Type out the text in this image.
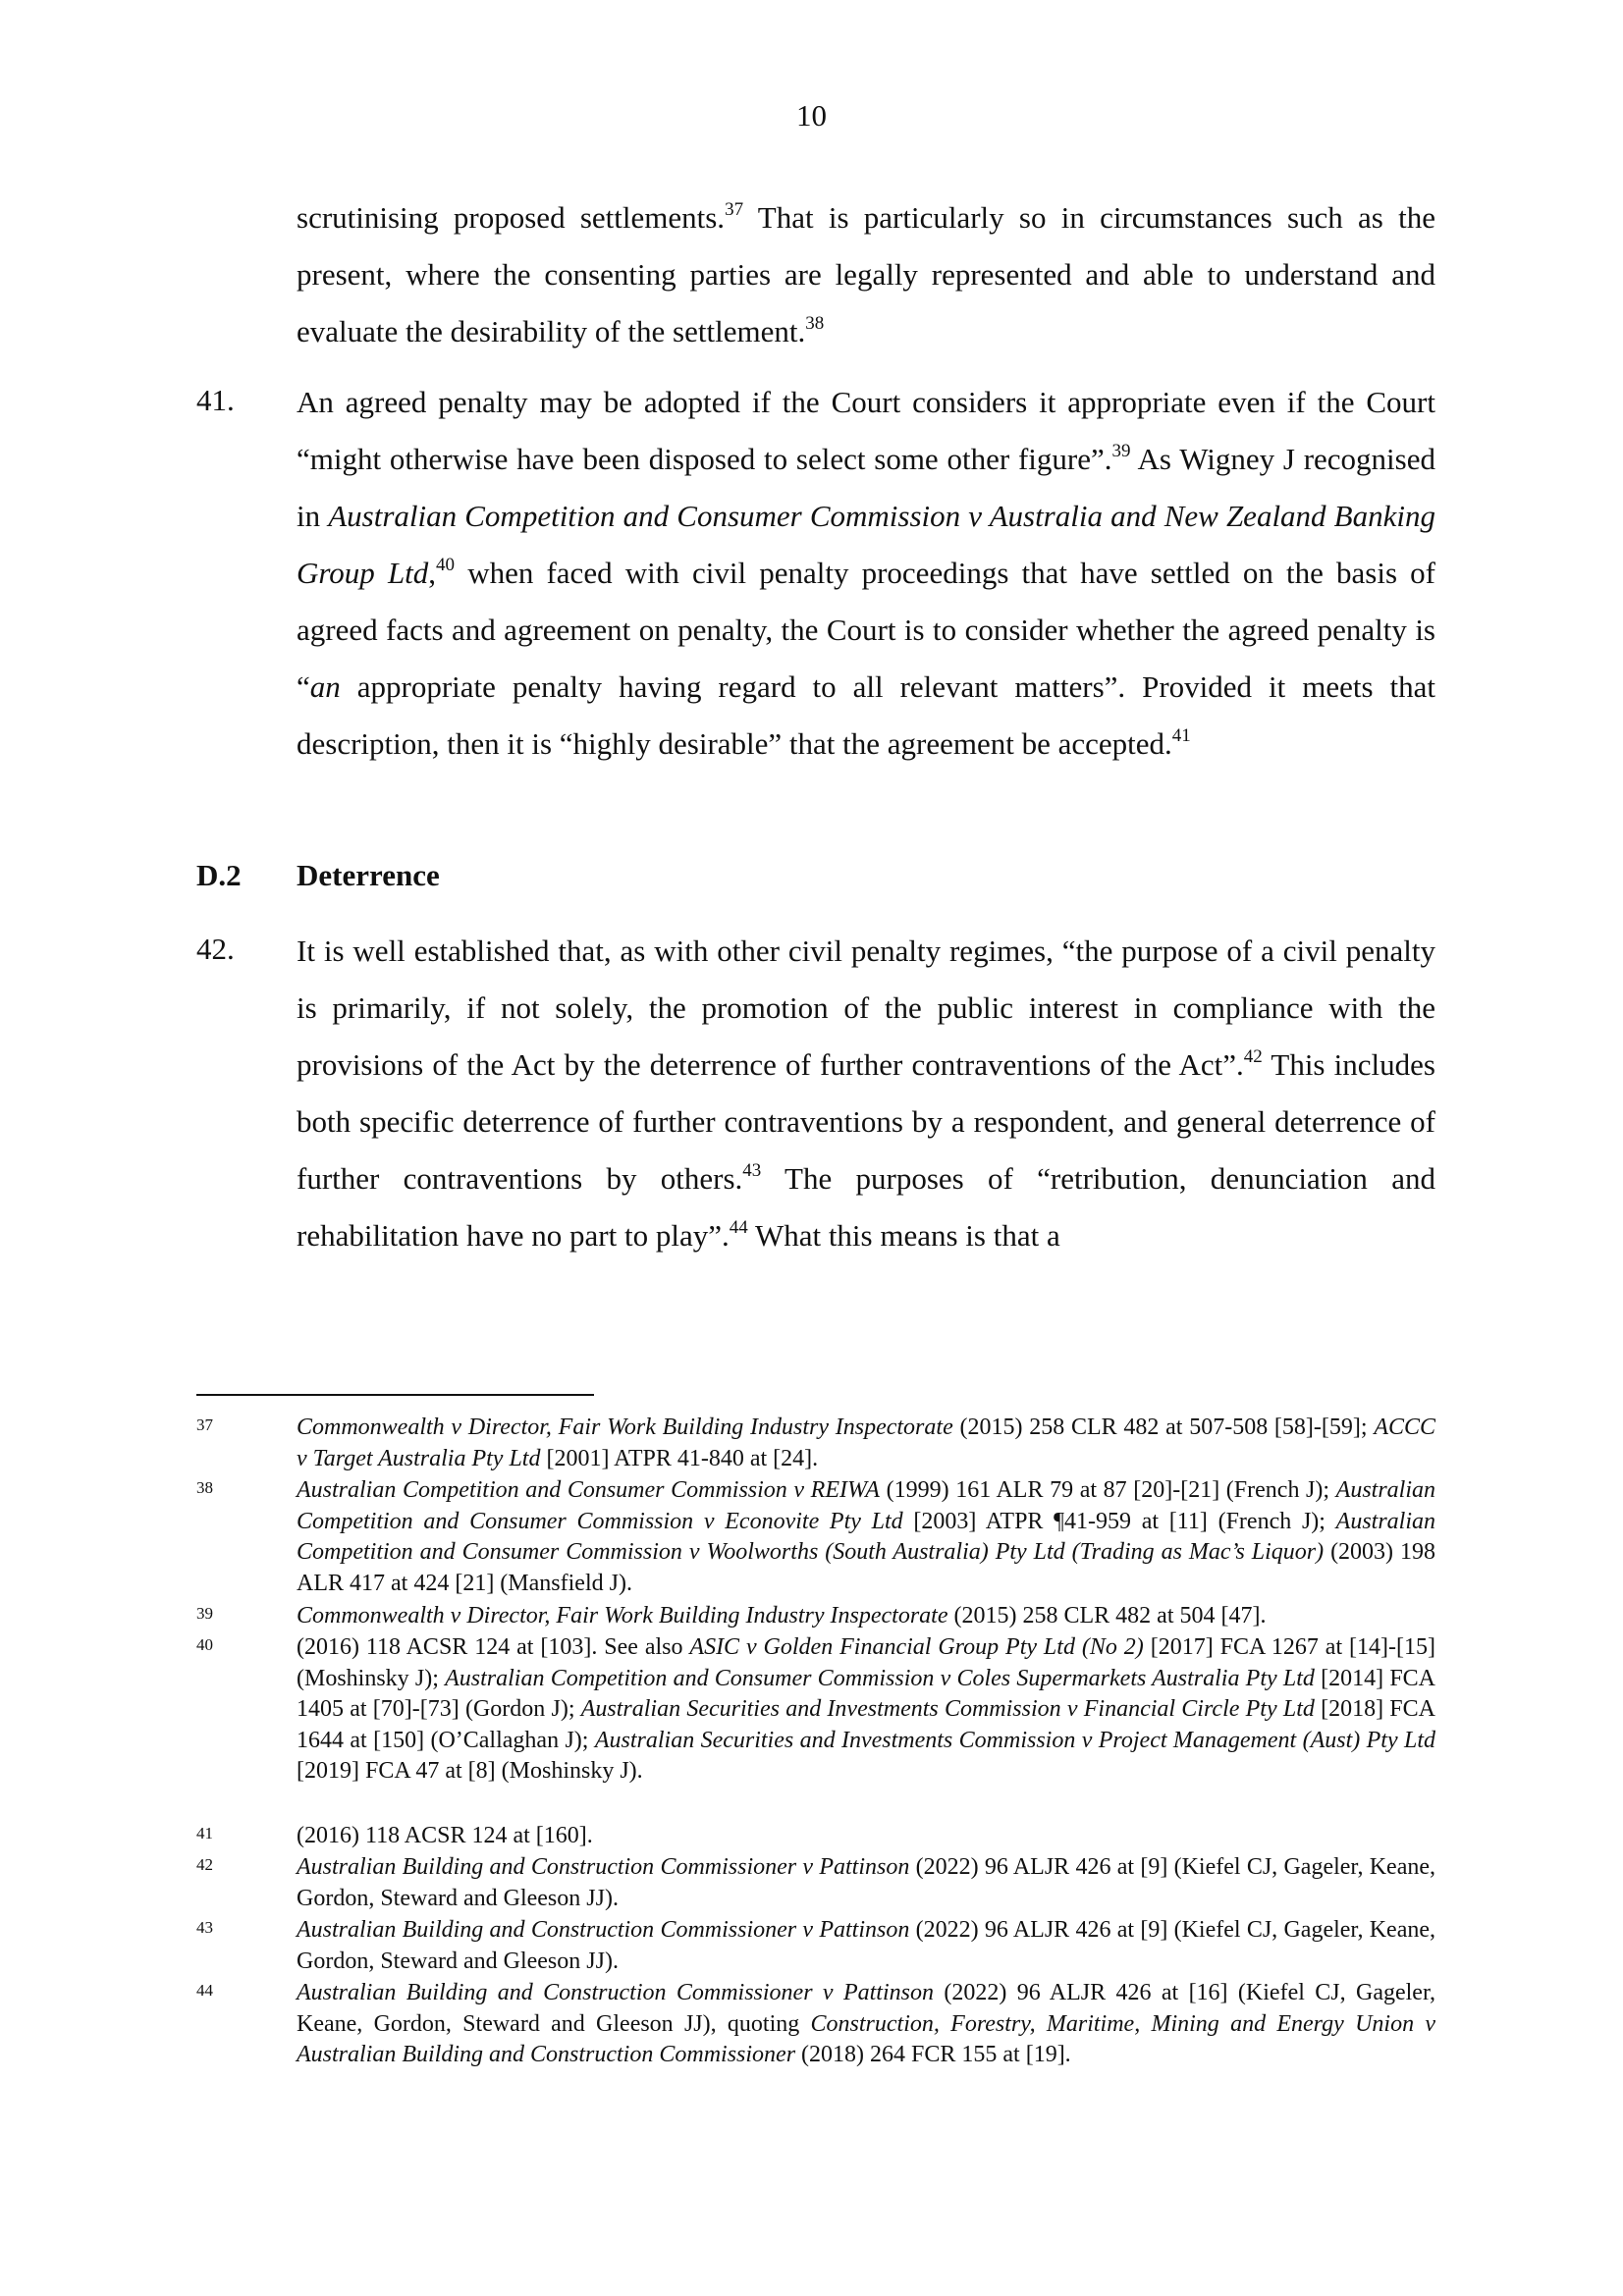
10
scrutinising proposed settlements.$^{37}$ That is particularly so in circumstances such as the present, where the consenting parties are legally represented and able to understand and evaluate the desirability of the settlement.$^{38}$
41. An agreed penalty may be adopted if the Court considers it appropriate even if the Court “might otherwise have been disposed to select some other figure”.$^{39}$ As Wigney J recognised in Australian Competition and Consumer Commission v Australia and New Zealand Banking Group Ltd,$^{40}$ when faced with civil penalty proceedings that have settled on the basis of agreed facts and agreement on penalty, the Court is to consider whether the agreed penalty is “an appropriate penalty having regard to all relevant matters”. Provided it meets that description, then it is “highly desirable” that the agreement be accepted.$^{41}$
D.2 Deterrence
42. It is well established that, as with other civil penalty regimes, “the purpose of a civil penalty is primarily, if not solely, the promotion of the public interest in compliance with the provisions of the Act by the deterrence of further contraventions of the Act”.$^{42}$ This includes both specific deterrence of further contraventions by a respondent, and general deterrence of further contraventions by others.$^{43}$ The purposes of “retribution, denunciation and rehabilitation have no part to play”.$^{44}$ What this means is that a
37	Commonwealth v Director, Fair Work Building Industry Inspectorate (2015) 258 CLR 482 at 507-508 [58]-[59]; ACCC v Target Australia Pty Ltd [2001] ATPR 41-840 at [24].
38	Australian Competition and Consumer Commission v REIWA (1999) 161 ALR 79 at 87 [20]-[21] (French J); Australian Competition and Consumer Commission v Econovite Pty Ltd [2003] ATPR ¶41-959 at [11] (French J); Australian Competition and Consumer Commission v Woolworths (South Australia) Pty Ltd (Trading as Mac’s Liquor) (2003) 198 ALR 417 at 424 [21] (Mansfield J).
39	Commonwealth v Director, Fair Work Building Industry Inspectorate (2015) 258 CLR 482 at 504 [47].
40	(2016) 118 ACSR 124 at [103]. See also ASIC v Golden Financial Group Pty Ltd (No 2) [2017] FCA 1267 at [14]-[15] (Moshinsky J); Australian Competition and Consumer Commission v Coles Supermarkets Australia Pty Ltd [2014] FCA 1405 at [70]-[73] (Gordon J); Australian Securities and Investments Commission v Financial Circle Pty Ltd [2018] FCA 1644 at [150] (O’Callaghan J); Australian Securities and Investments Commission v Project Management (Aust) Pty Ltd [2019] FCA 47 at [8] (Moshinsky J).
41	(2016) 118 ACSR 124 at [160].
42	Australian Building and Construction Commissioner v Pattinson (2022) 96 ALJR 426 at [9] (Kiefel CJ, Gageler, Keane, Gordon, Steward and Gleeson JJ).
43	Australian Building and Construction Commissioner v Pattinson (2022) 96 ALJR 426 at [9] (Kiefel CJ, Gageler, Keane, Gordon, Steward and Gleeson JJ).
44	Australian Building and Construction Commissioner v Pattinson (2022) 96 ALJR 426 at [16] (Kiefel CJ, Gageler, Keane, Gordon, Steward and Gleeson JJ), quoting Construction, Forestry, Maritime, Mining and Energy Union v Australian Building and Construction Commissioner (2018) 264 FCR 155 at [19].
